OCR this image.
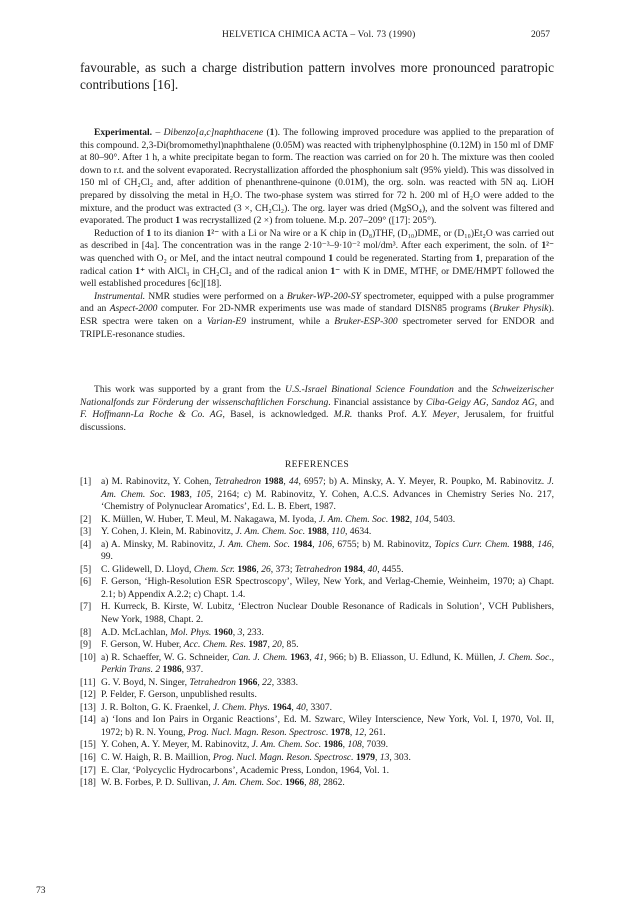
HELVETICA CHIMICA ACTA – Vol. 73 (1990)	2057

favourable, as such a charge distribution pattern involves more pronounced paratropic contributions [16].

Experimental. – Dibenzo[a,c]naphthacene (1). The following improved procedure was applied to the preparation of this compound. 2,3-Di(bromomethyl)naphthalene (0.05M) was reacted with triphenylphosphine (0.12M) in 150 ml of DMF at 80–90°. After 1 h, a white precipitate began to form. The reaction was carried on for 20 h. The mixture was then cooled down to r.t. and the solvent evaporated. Recrystallization afforded the phosphonium salt (95% yield). This was dissolved in 150 ml of CH₂Cl₂ and, after addition of phenanthrene-quinone (0.01M), the org. soln. was reacted with 5N aq. LiOH prepared by dissolving the metal in H₂O. The two-phase system was stirred for 72 h. 200 ml of H₂O were added to the mixture, and the product was extracted (3 ×, CH₂Cl₂). The org. layer was dried (MgSO₄), and the solvent was filtered and evaporated. The product 1 was recrystallized (2 ×) from toluene. M.p. 207–209° ([17]: 205°).

Reduction of 1 to its dianion 1²⁻ with a Li or Na wire or a K chip in (D₈)THF, (D₁₀)DME, or (D₁₀)Et₂O was carried out as described in [4a]. The concentration was in the range 2·10⁻³–9·10⁻² mol/dm³. After each experiment, the soln. of 1²⁻ was quenched with O₂ or MeI, and the intact neutral compound 1 could be regenerated. Starting from 1, preparation of the radical cation 1⁺ with AlCl₃ in CH₂Cl₂ and of the radical anion 1⁻ with K in DME, MTHF, or DME/HMPT followed the well established procedures [6c][18].

Instrumental. NMR studies were performed on a Bruker-WP-200-SY spectrometer, equipped with a pulse programmer and an Aspect-2000 computer. For 2D-NMR experiments use was made of standard DISN85 programs (Bruker Physik). ESR spectra were taken on a Varian-E9 instrument, while a Bruker-ESP-300 spectrometer served for ENDOR and TRIPLE-resonance studies.

This work was supported by a grant from the U.S.-Israel Binational Science Foundation and the Schweizerischer Nationalfonds zur Förderung der wissenschaftlichen Forschung. Financial assistance by Ciba-Geigy AG, Sandoz AG, and F. Hoffmann-La Roche & Co. AG, Basel, is acknowledged. M.R. thanks Prof. A.Y. Meyer, Jerusalem, for fruitful discussions.

REFERENCES
[1]	a) M. Rabinovitz, Y. Cohen, Tetrahedron 1988, 44, 6957; b) A. Minsky, A. Y. Meyer, R. Poupko, M. Rabinovitz. J. Am. Chem. Soc. 1983, 105, 2164; c) M. Rabinovitz, Y. Cohen, A.C.S. Advances in Chemistry Series No. 217, ‘Chemistry of Polynuclear Aromatics’, Ed. L. B. Ebert, 1987.
[2]	K. Müllen, W. Huber, T. Meul, M. Nakagawa, M. Iyoda, J. Am. Chem. Soc. 1982, 104, 5403.
[3]	Y. Cohen, J. Klein, M. Rabinovitz, J. Am. Chem. Soc. 1988, 110, 4634.
[4]	a) A. Minsky, M. Rabinovitz, J. Am. Chem. Soc. 1984, 106, 6755; b) M. Rabinovitz, Topics Curr. Chem. 1988, 146, 99.
[5]	C. Glidewell, D. Lloyd, Chem. Scr. 1986, 26, 373; Tetrahedron 1984, 40, 4455.
[6]	F. Gerson, ‘High-Resolution ESR Spectroscopy’, Wiley, New York, and Verlag-Chemie, Weinheim, 1970; a) Chapt. 2.1; b) Appendix A.2.2; c) Chapt. 1.4.
[7]	H. Kurreck, B. Kirste, W. Lubitz, ‘Electron Nuclear Double Resonance of Radicals in Solution’, VCH Publishers, New York, 1988, Chapt. 2.
[8]	A.D. McLachlan, Mol. Phys. 1960, 3, 233.
[9]	F. Gerson, W. Huber, Acc. Chem. Res. 1987, 20, 85.
[10] a) R. Schaeffer, W. G. Schneider, Can. J. Chem. 1963, 41, 966; b) B. Eliasson, U. Edlund, K. Müllen, J. Chem. Soc., Perkin Trans. 2 1986, 937.
[11] G. V. Boyd, N. Singer, Tetrahedron 1966, 22, 3383.
[12] P. Felder, F. Gerson, unpublished results.
[13] J. R. Bolton, G. K. Fraenkel, J. Chem. Phys. 1964, 40, 3307.
[14] a) ‘Ions and Ion Pairs in Organic Reactions’, Ed. M. Szwarc, Wiley Interscience, New York, Vol. I, 1970, Vol. II, 1972; b) R. N. Young, Prog. Nucl. Magn. Reson. Spectrosc. 1978, 12, 261.
[15] Y. Cohen, A. Y. Meyer, M. Rabinovitz, J. Am. Chem. Soc. 1986, 108, 7039.
[16] C. W. Haigh, R. B. Maillion, Prog. Nucl. Magn. Reson. Spectrosc. 1979, 13, 303.
[17] E. Clar, ‘Polycyclic Hydrocarbons’, Academic Press, London, 1964, Vol. 1.
[18] W. B. Forbes, P. D. Sullivan, J. Am. Chem. Soc. 1966, 88, 2862.
73
